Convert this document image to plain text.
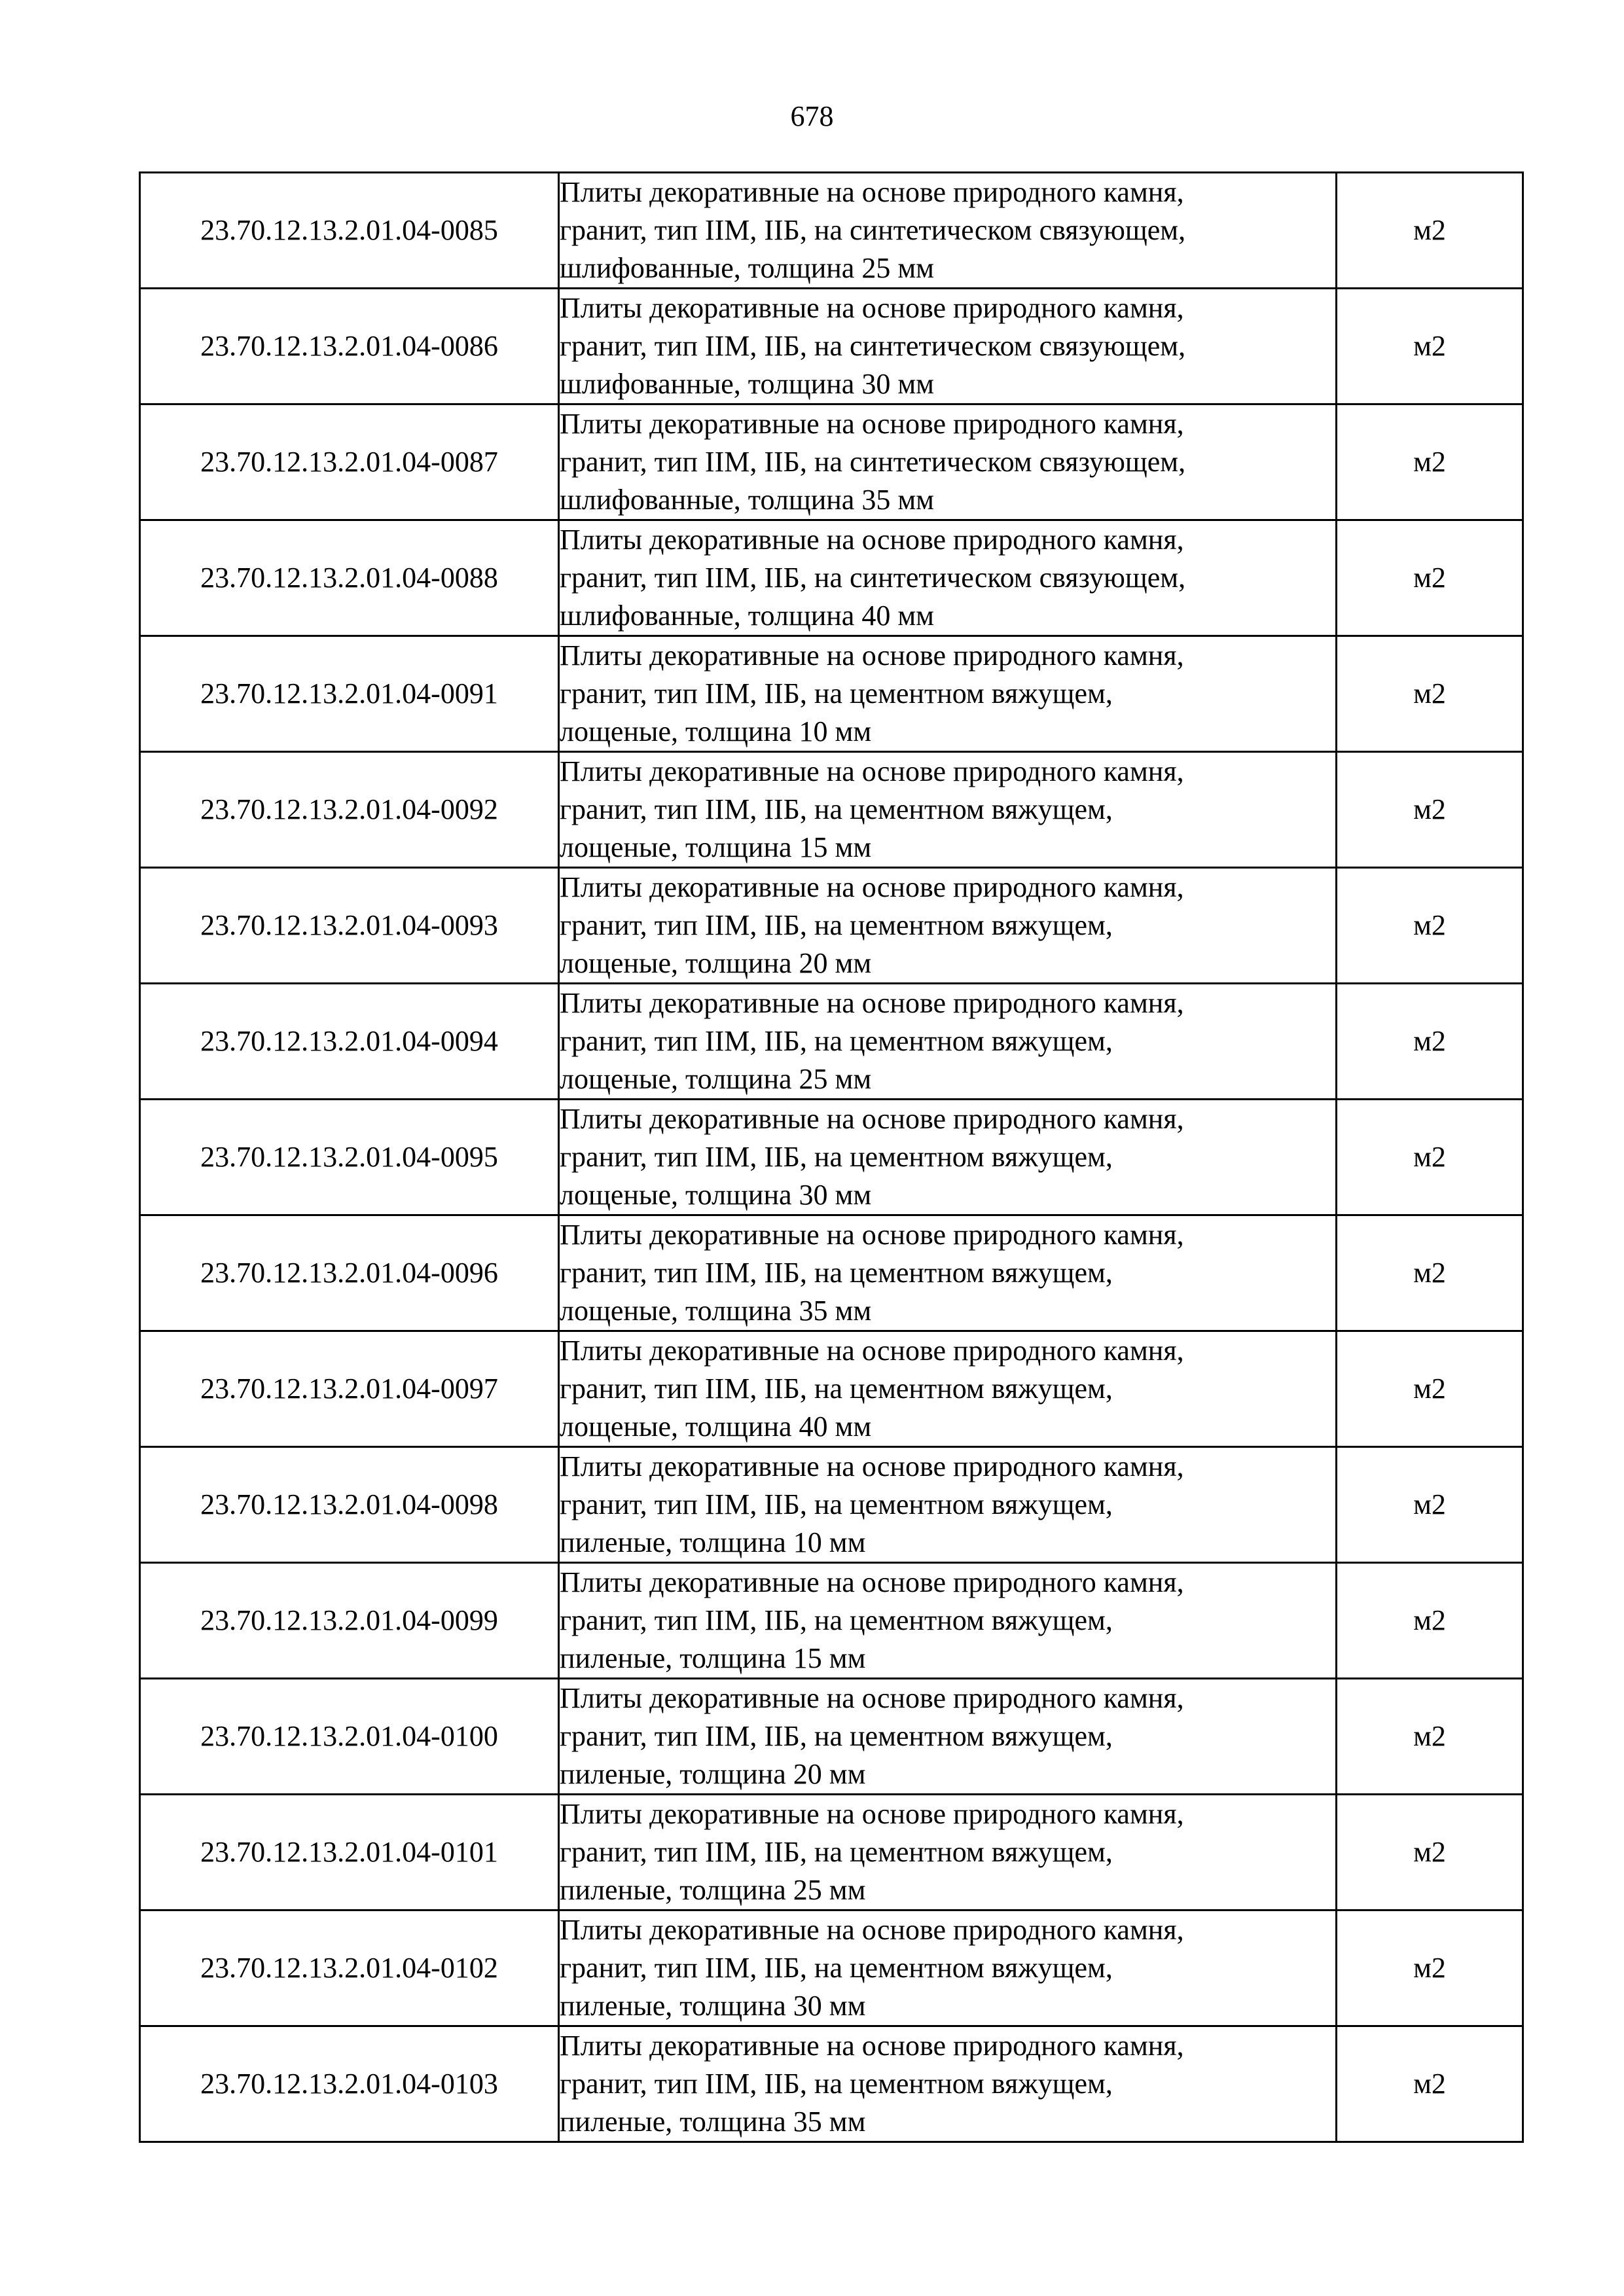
678
23.70.12.13.2.01.04-0085	Плиты декоративные на основе природного камня,
гранит, тип IIМ, IIБ, на синтетическом связующем,
шлифованные, толщина 25 мм	м2
23.70.12.13.2.01.04-0086	Плиты декоративные на основе природного камня,
гранит, тип IIМ, IIБ, на синтетическом связующем,
шлифованные, толщина 30 мм	м2
23.70.12.13.2.01.04-0087	Плиты декоративные на основе природного камня,
гранит, тип IIМ, IIБ, на синтетическом связующем,
шлифованные, толщина 35 мм	м2
23.70.12.13.2.01.04-0088	Плиты декоративные на основе природного камня,
гранит, тип IIМ, IIБ, на синтетическом связующем,
шлифованные, толщина 40 мм	м2
23.70.12.13.2.01.04-0091	Плиты декоративные на основе природного камня,
гранит, тип IIМ, IIБ, на цементном вяжущем,
лощеные, толщина 10 мм	м2
23.70.12.13.2.01.04-0092	Плиты декоративные на основе природного камня,
гранит, тип IIМ, IIБ, на цементном вяжущем,
лощеные, толщина 15 мм	м2
23.70.12.13.2.01.04-0093	Плиты декоративные на основе природного камня,
гранит, тип IIМ, IIБ, на цементном вяжущем,
лощеные, толщина 20 мм	м2
23.70.12.13.2.01.04-0094	Плиты декоративные на основе природного камня,
гранит, тип IIМ, IIБ, на цементном вяжущем,
лощеные, толщина 25 мм	м2
23.70.12.13.2.01.04-0095	Плиты декоративные на основе природного камня,
гранит, тип IIМ, IIБ, на цементном вяжущем,
лощеные, толщина 30 мм	м2
23.70.12.13.2.01.04-0096	Плиты декоративные на основе природного камня,
гранит, тип IIМ, IIБ, на цементном вяжущем,
лощеные, толщина 35 мм	м2
23.70.12.13.2.01.04-0097	Плиты декоративные на основе природного камня,
гранит, тип IIМ, IIБ, на цементном вяжущем,
лощеные, толщина 40 мм	м2
23.70.12.13.2.01.04-0098	Плиты декоративные на основе природного камня,
гранит, тип IIМ, IIБ, на цементном вяжущем,
пиленые, толщина 10 мм	м2
23.70.12.13.2.01.04-0099	Плиты декоративные на основе природного камня,
гранит, тип IIМ, IIБ, на цементном вяжущем,
пиленые, толщина 15 мм	м2
23.70.12.13.2.01.04-0100	Плиты декоративные на основе природного камня,
гранит, тип IIМ, IIБ, на цементном вяжущем,
пиленые, толщина 20 мм	м2
23.70.12.13.2.01.04-0101	Плиты декоративные на основе природного камня,
гранит, тип IIМ, IIБ, на цементном вяжущем,
пиленые, толщина 25 мм	м2
23.70.12.13.2.01.04-0102	Плиты декоративные на основе природного камня,
гранит, тип IIМ, IIБ, на цементном вяжущем,
пиленые, толщина 30 мм	м2
23.70.12.13.2.01.04-0103	Плиты декоративные на основе природного камня,
гранит, тип IIМ, IIБ, на цементном вяжущем,
пиленые, толщина 35 мм	м2
